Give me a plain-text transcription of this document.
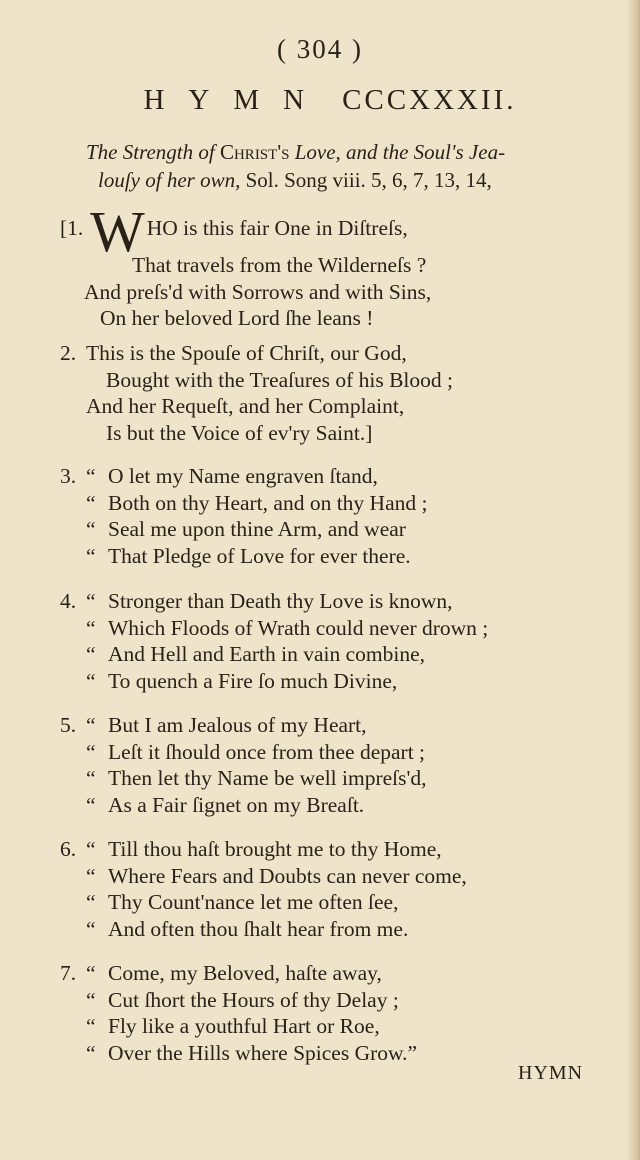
( 304 )
HYMN CCCXXXII.
The Strength of Christ's Love, and the Soul's Jea-
louſy of her own, Sol. Song viii. 5, 6, 7, 13, 14,
[1. WHO is this fair One in Diſtreſs,
That travels from the Wilderneſs ?
And preſs'd with Sorrows and with Sins,
On her beloved Lord ſhe leans !
2. This is the Spouſe of Chriſt, our God,
Bought with the Treaſures of his Blood ;
And her Requeſt, and her Complaint,
Is but the Voice of ev'ry Saint.]
3. “ O let my Name engraven ſtand,
“ Both on thy Heart, and on thy Hand ;
“ Seal me upon thine Arm, and wear
“ That Pledge of Love for ever there.
4. “ Stronger than Death thy Love is known,
“ Which Floods of Wrath could never drown ;
“ And Hell and Earth in vain combine,
“ To quench a Fire ſo much Divine,
5. “ But I am Jealous of my Heart,
“ Leſt it ſhould once from thee depart ;
“ Then let thy Name be well impreſs'd,
“ As a Fair ſignet on my Breaſt.
6. “ Till thou haſt brought me to thy Home,
“ Where Fears and Doubts can never come,
“ Thy Count'nance let me often ſee,
“ And often thou ſhalt hear from me.
7. “ Come, my Beloved, haſte away,
“ Cut ſhort the Hours of thy Delay ;
“ Fly like a youthful Hart or Roe,
“ Over the Hills where Spices Grow.”
HYMN
